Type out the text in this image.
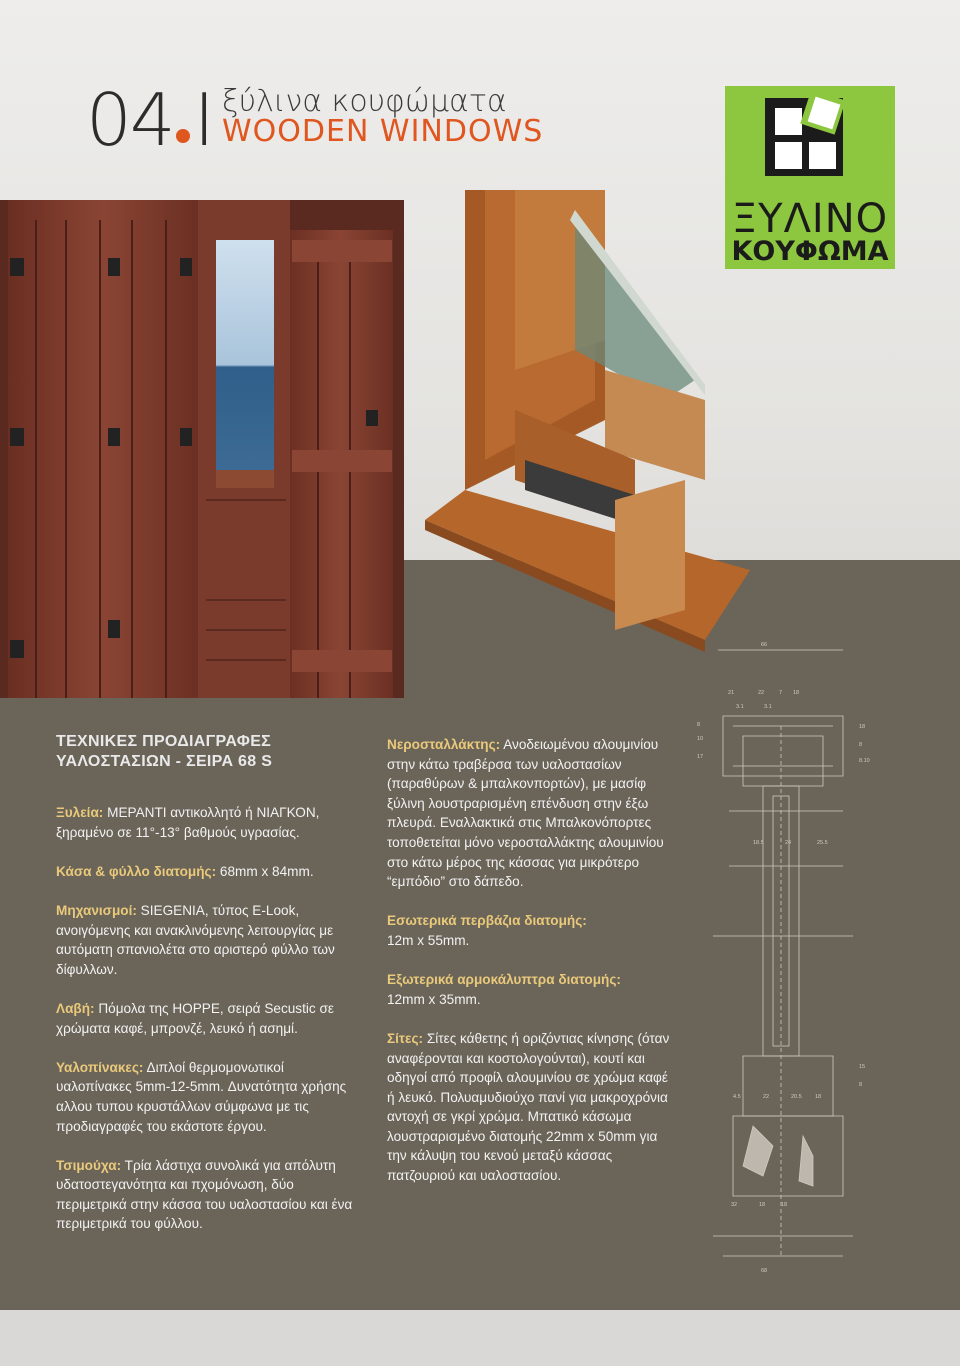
04 I ξύλινα κουφώματα
WOODEN WINDOWS
ΞΥΛΙΝΟ
ΚΟΥΦΩΜΑ
66
21	22	7 18
3.1	3.1
18.5	24	25.5
4.5	22	20.5 18
32	18	18
68
18
8
8.10
17
10
8
15
8
ΤΕΧΝΙΚΕΣ ΠΡΟΔΙΑΓΡΑΦΕΣ
ΥΑΛΟΣΤΑΣΙΩΝ - ΣΕΙΡΑ 68 S

Ξυλεία: ΜΕΡΑΝΤΙ αντικολλητό ή ΝΙΑΓΚΟΝ, ξηραμένο σε 11°-13° βαθμούς υγρασίας.

Κάσα & φύλλο διατομής: 68mm x 84mm.

Μηχανισμοί: SIEGENIA, τύπος E-Look, ανοιγόμενης και ανακλινόμενης λειτουργίας με αυτόματη σπανιολέτα στο αριστερό φύλλο των δίφυλλων.

Λαβή: Πόμολα της HOPPE, σειρά Secustic σε χρώματα καφέ, μπρονζέ, λευκό ή ασημί.

Υαλοπίνακες: Διπλοί θερμομονωτικοί υαλοπίνακες 5mm-12-5mm. Δυνατότητα χρήσης αλλου τυπου κρυστάλλων σύμφωνα με τις προδιαγραφές του εκάστοτε έργου.

Τσιμούχα: Τρία λάστιχα συνολικά για απόλυτη υδατοστεγανότητα και πχομόνωση, δύο περιμετρικά στην κάσσα του υαλοστασίου και ένα περιμετρικά του φύλλου.

Νεροσταλλάκτης: Ανοδειωμένου αλουμινίου στην κάτω τραβέρσα των υαλοστασίων (παραθύρων & μπαλκονπορτών), με μασίφ ξύλινη λουστραρισμένη επένδυση στην έξω πλευρά. Εναλλακτικά στις Μπαλκονόπορτες τοποθετείται μόνο νεροσταλλάκτης αλουμινίου στο κάτω μέρος της κάσσας για μικρότερο “εμπόδιο” στο δάπεδο.

Εσωτερικά περβάζια διατομής:
12m x 55mm.

Εξωτερικά αρμοκάλυπτρα διατομής:
12mm x 35mm.

Σίτες: Σίτες κάθετης ή οριζόντιας κίνησης (όταν αναφέρονται και κοστολογούνται), κουτί και οδηγοί από προφίλ αλουμινίου σε χρώμα καφέ ή λευκό. Πολυαμυδιούχο πανί για μακροχρόνια αντοχή σε γκρί χρώμα. Μπατικό κάσωμα λουστραρισμένο διατομής 22mm x 50mm για την κάλυψη του κενού μεταξύ κάσσας πατζουριού και υαλοστασίου.
